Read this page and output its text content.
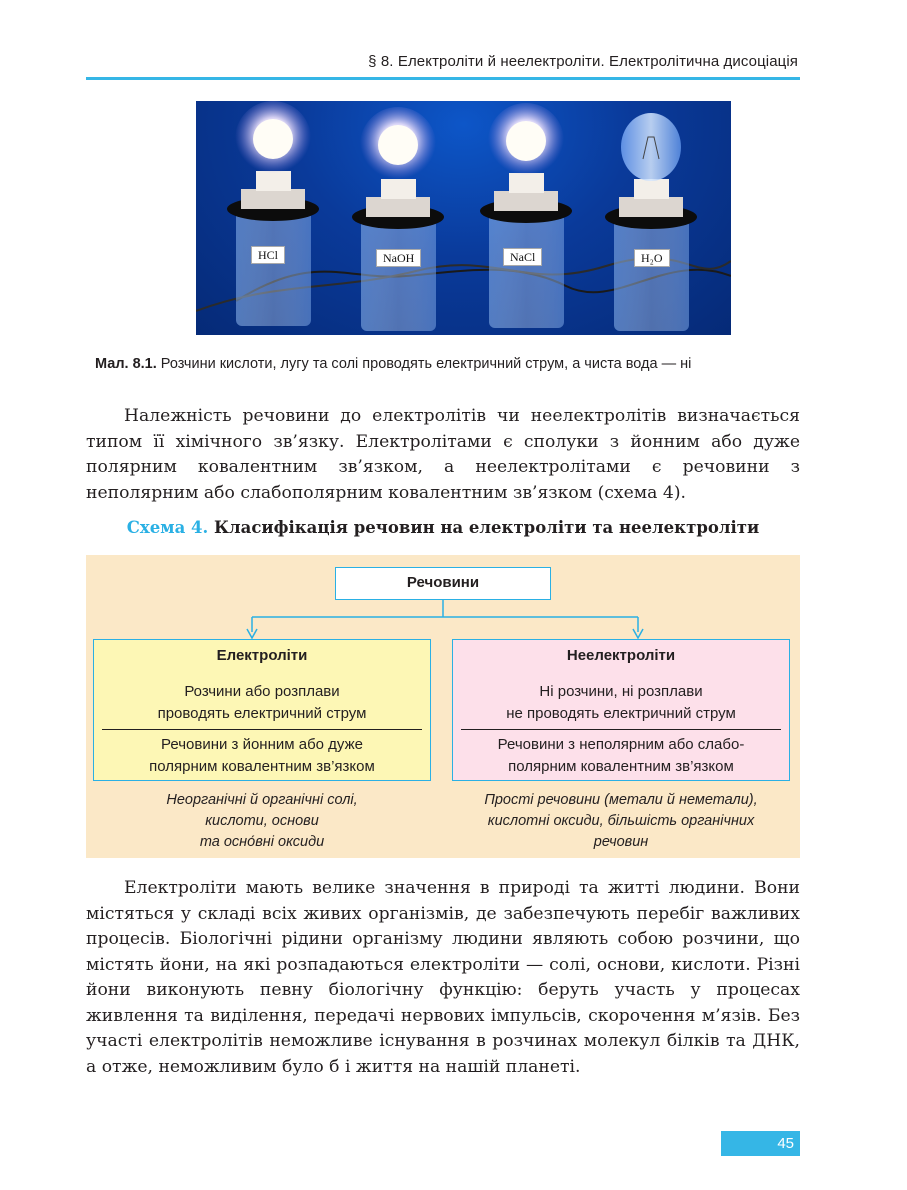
§ 8. Електроліти й неелектроліти. Електролітична дисоціація
HCl	NaOH	NaCl	H₂O
Мал. 8.1. Розчини кислоти, лугу та солі проводять електричний струм, а чиста вода — ні

Належність речовини до електролітів чи неелектролітів визначається типом її хімічного зв’язку. Електролітами є сполуки з йонним або дуже полярним ковалентним зв’язком, а неелектролітами є речовини з неполярним або слабополярним ковалентним зв’язком (схема 4).

Схема 4. Класифікація речовин на електроліти та неелектроліти
Речовини
Електроліти
Розчини або розплави
проводять електричний струм
Речовини з йонним або дуже
полярним ковалентним зв’язком
Неелектроліти
Ні розчини, ні розплави
не проводять електричний струм
Речовини з неполярним або слабо-
полярним ковалентним зв’язком
Неорганічні й органічні солі,
кислоти, основи
та осно́вні оксиди
Прості речовини (метали й неметали),
кислотні оксиди, більшість органічних
речовин

Електроліти мають велике значення в природі та житті людини. Вони містяться у складі всіх живих організмів, де забезпечують перебіг важливих процесів. Біологічні рідини організму людини являють собою розчини, що містять йони, на які розпадаються електроліти — солі, основи, кислоти. Різні йони виконують певну біологічну функцію: беруть участь у процесах живлення та виділення, передачі нервових імпульсів, скорочення м’язів. Без участі електролітів неможливе існування в розчинах молекул білків та ДНК, а отже, неможливим було б і життя на нашій планеті.

45
